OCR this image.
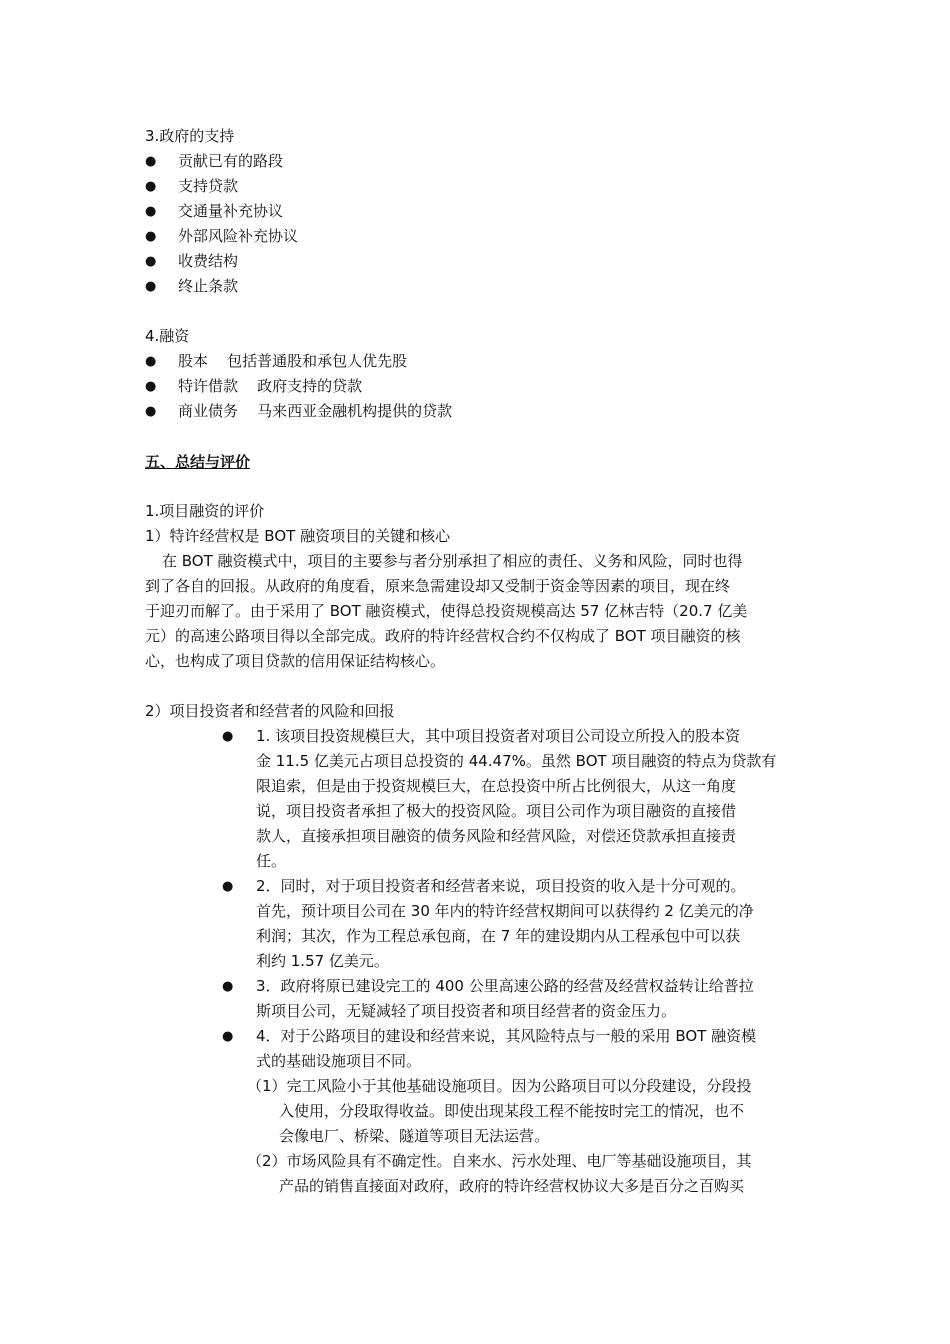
3.政府的支持
● 贡献已有的路段
● 支持贷款
● 交通量补充协议
● 外部风险补充协议
● 收费结构
● 终止条款
4.融资
● 股本    包括普通股和承包人优先股
● 特许借款    政府支持的贷款
● 商业债务    马来西亚金融机构提供的贷款
五、总结与评价
1.项目融资的评价
1）特许经营权是 BOT 融资项目的关键和核心
在 BOT 融资模式中，项目的主要参与者分别承担了相应的责任、义务和风险，同时也得
到了各自的回报。从政府的角度看，原来急需建设却又受制于资金等因素的项目，现在终
于迎刃而解了。由于采用了 BOT 融资模式，使得总投资规模高达 57 亿林吉特（20.7 亿美
元）的高速公路项目得以全部完成。政府的特许经营权合约不仅构成了 BOT 项目融资的核
心，也构成了项目贷款的信用保证结构核心。
2）项目投资者和经营者的风险和回报
● 1. 该项目投资规模巨大，其中项目投资者对项目公司设立所投入的股本资
金 11.5 亿美元占项目总投资的 44.47%。虽然 BOT 项目融资的特点为贷款有
限追索，但是由于投资规模巨大，在总投资中所占比例很大，从这一角度
说，项目投资者承担了极大的投资风险。项目公司作为项目融资的直接借
款人，直接承担项目融资的债务风险和经营风险，对偿还贷款承担直接责
任。
● 2．同时，对于项目投资者和经营者来说，项目投资的收入是十分可观的。
首先，预计项目公司在 30 年内的特许经营权期间可以获得约 2 亿美元的净
利润；其次，作为工程总承包商，在 7 年的建设期内从工程承包中可以获
利约 1.57 亿美元。
● 3．政府将原已建设完工的 400 公里高速公路的经营及经营权益转让给普拉
斯项目公司，无疑减轻了项目投资者和项目经营者的资金压力。
● 4．对于公路项目的建设和经营来说，其风险特点与一般的采用 BOT 融资模
式的基础设施项目不同。
（1）完工风险小于其他基础设施项目。因为公路项目可以分段建设，分段投
入使用，分段取得收益。即使出现某段工程不能按时完工的情况，也不
会像电厂、桥梁、隧道等项目无法运营。
（2）市场风险具有不确定性。自来水、污水处理、电厂等基础设施项目，其
产品的销售直接面对政府，政府的特许经营权协议大多是百分之百购买
